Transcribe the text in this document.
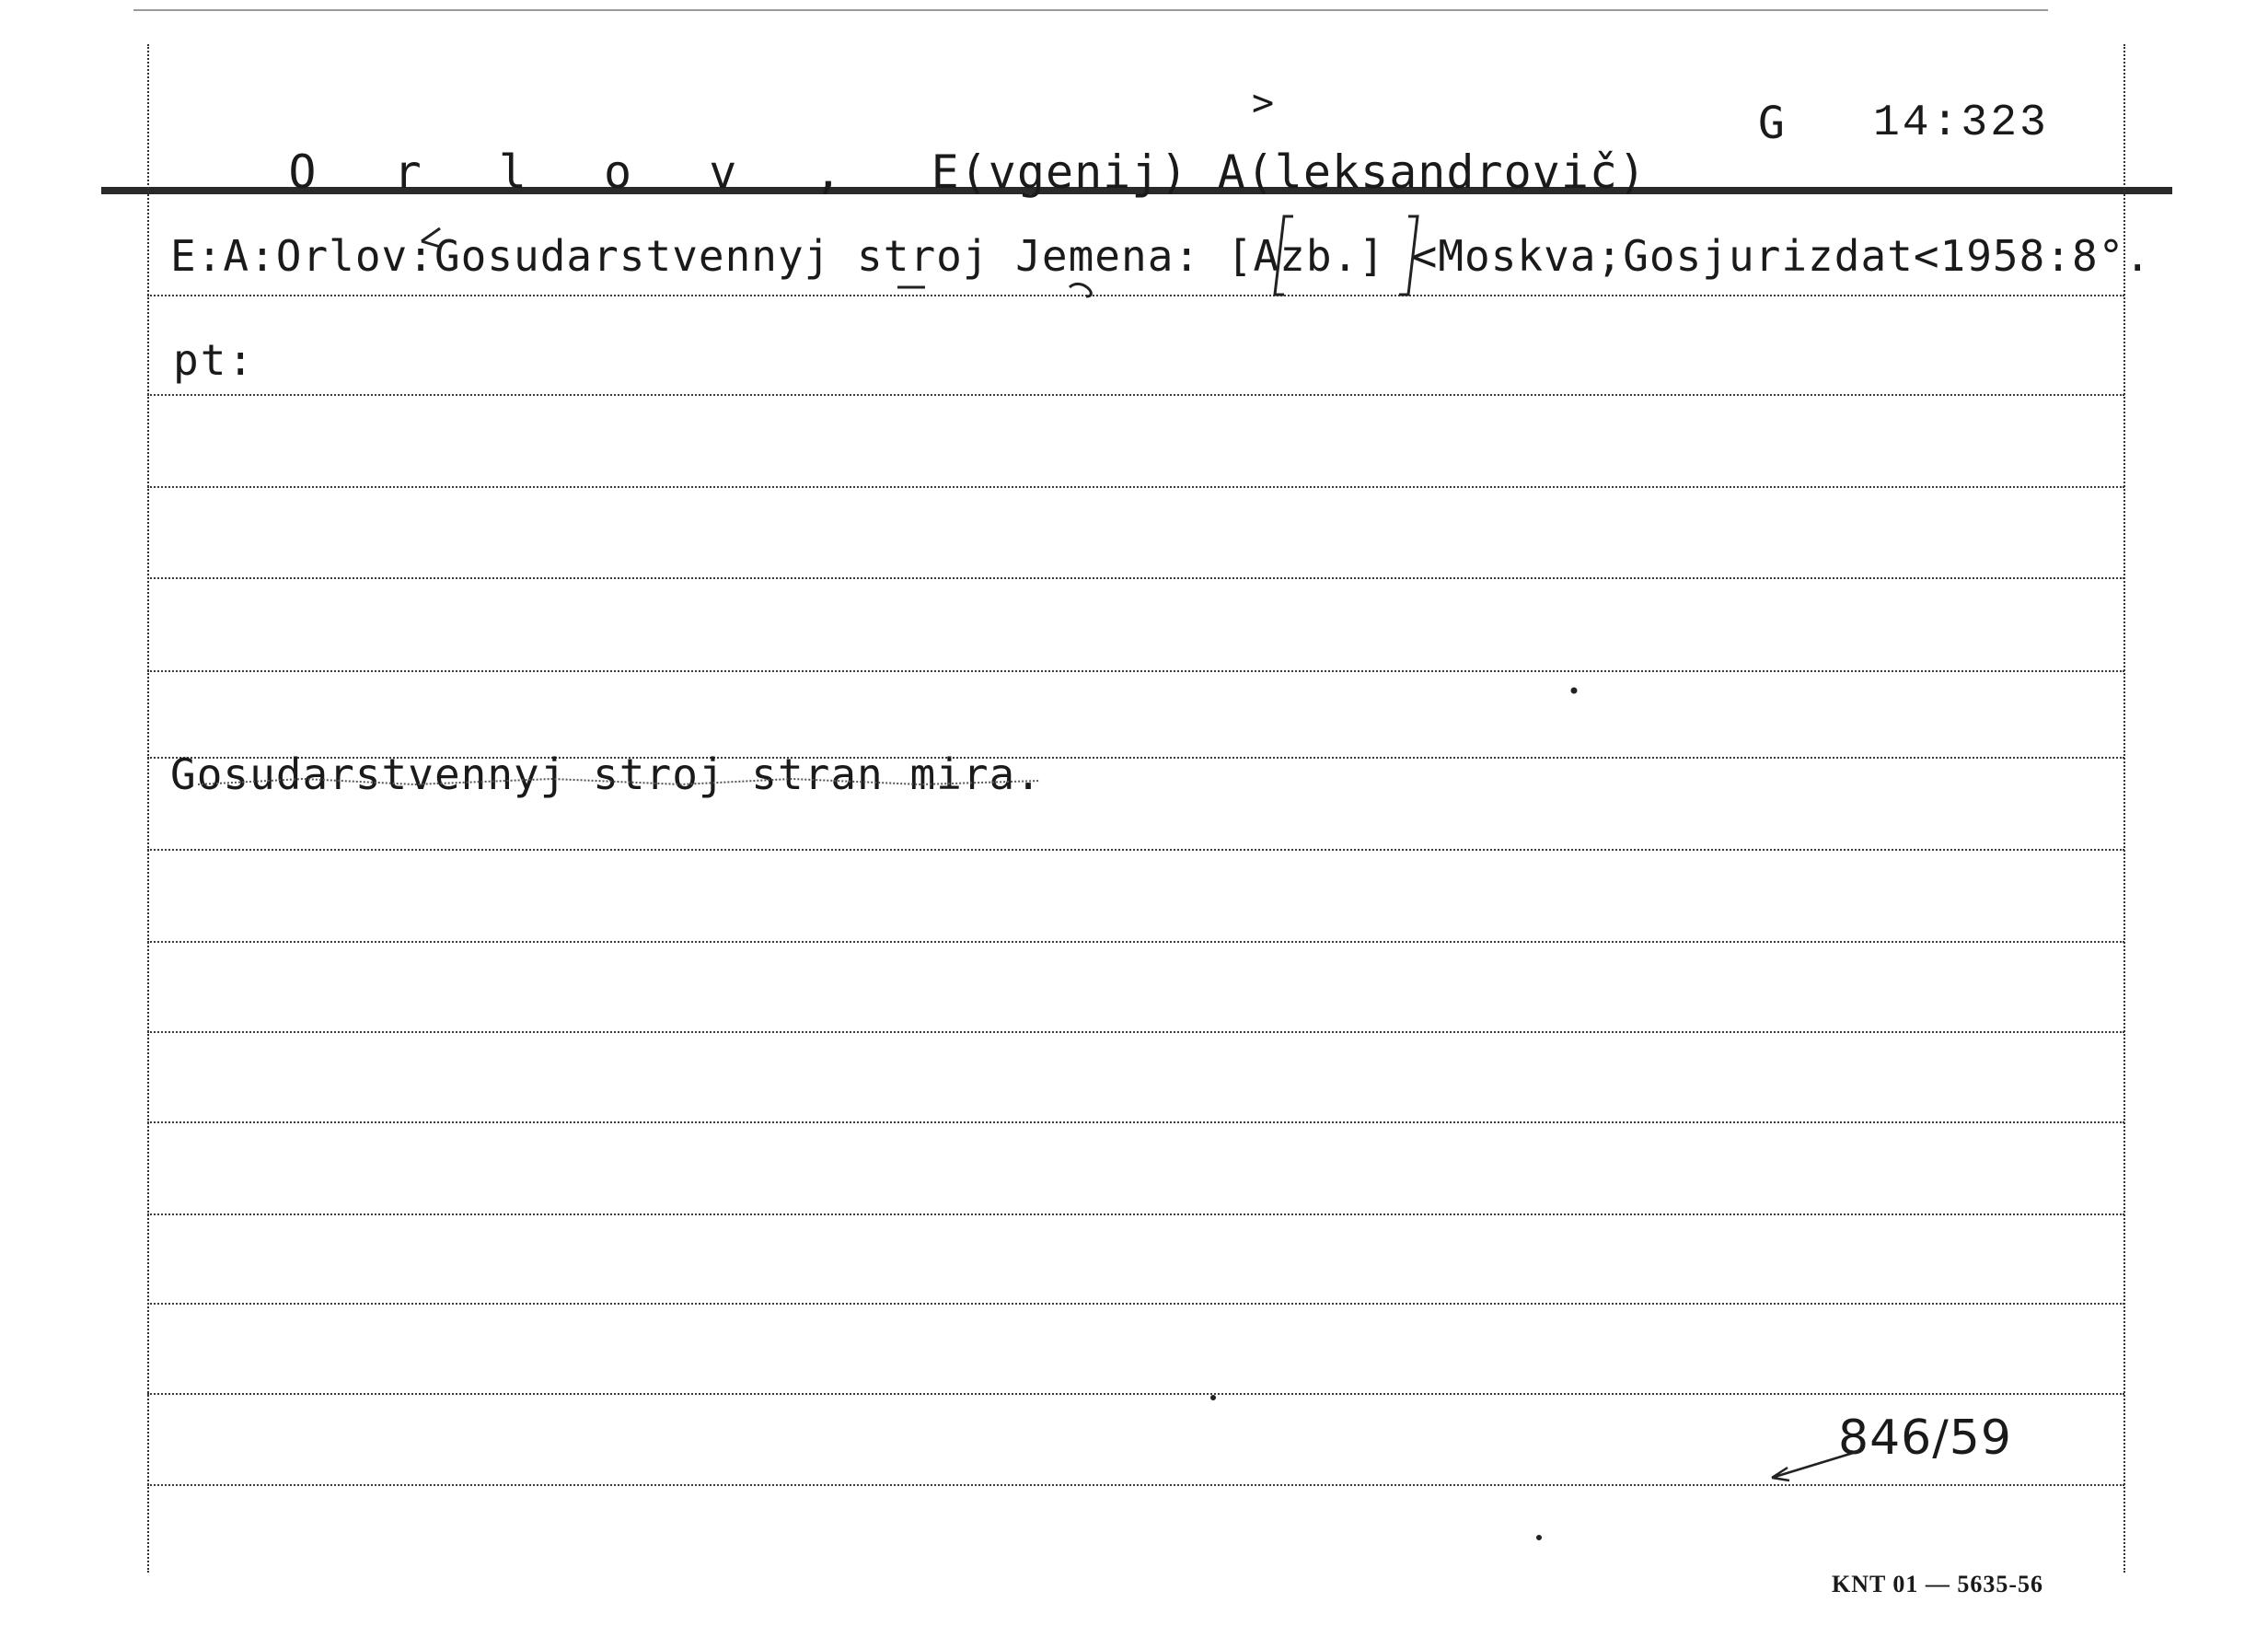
O r l o v , E(vgenij) A(leksandrovič)

>	G 14:323
E:A:Orlov:Gosudarstvennyj stroj Jemena: [Azb.] <Moskva;Gosjurizdat<1958:8°.
pt:
Gosudarstvennyj stroj stran mira.
846/59
KNT 01 — 5635-56
